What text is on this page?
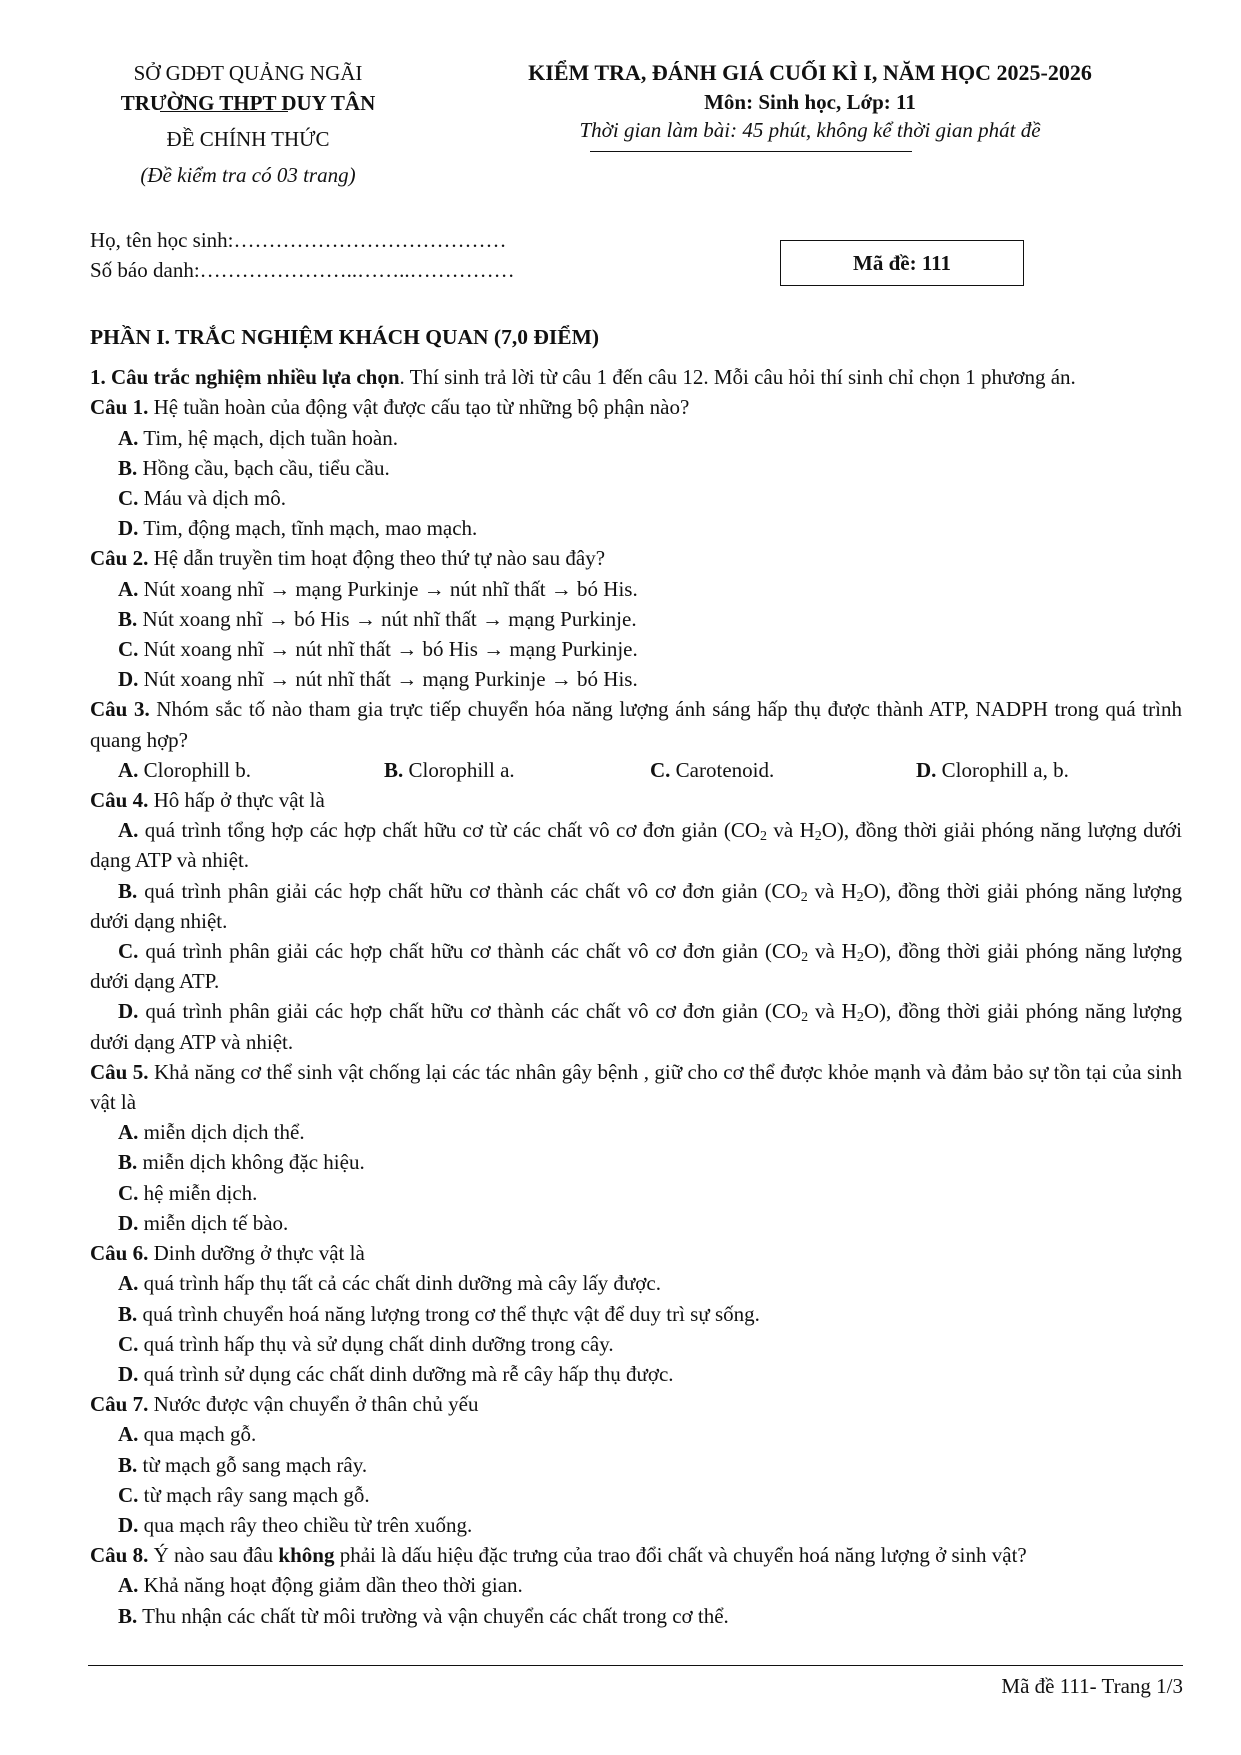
SỞ GDĐT QUẢNG NGÃI
TRƯỜNG THPT DUY TÂN
ĐỀ CHÍNH THỨC
(Đề kiểm tra có 03 trang)
KIỂM TRA, ĐÁNH GIÁ CUỐI KÌ I, NĂM HỌC 2025-2026
Môn: Sinh học, Lớp: 11
Thời gian làm bài: 45 phút, không kể thời gian phát đề
Họ, tên học sinh:…………………………………
Số báo danh:…………………..……..……………	Mã đề: 111
PHẦN I. TRẮC NGHIỆM KHÁCH QUAN (7,0 ĐIỂM)

1. Câu trắc nghiệm nhiều lựa chọn. Thí sinh trả lời từ câu 1 đến câu 12. Mỗi câu hỏi thí sinh chỉ chọn 1 phương án.

Câu 1. Hệ tuần hoàn của động vật được cấu tạo từ những bộ phận nào?

A. Tim, hệ mạch, dịch tuần hoàn.

B. Hồng cầu, bạch cầu, tiểu cầu.

C. Máu và dịch mô.

D. Tim, động mạch, tĩnh mạch, mao mạch.

Câu 2. Hệ dẫn truyền tim hoạt động theo thứ tự nào sau đây?

A. Nút xoang nhĩ → mạng Purkinje → nút nhĩ thất → bó His.

B. Nút xoang nhĩ → bó His → nút nhĩ thất → mạng Purkinje.

C. Nút xoang nhĩ → nút nhĩ thất → bó His → mạng Purkinje.

D. Nút xoang nhĩ → nút nhĩ thất → mạng Purkinje → bó His.

Câu 3. Nhóm sắc tố nào tham gia trực tiếp chuyển hóa năng lượng ánh sáng hấp thụ được thành ATP, NADPH trong quá trình quang hợp?

A. Clorophill b.	B. Clorophill a.	C. Carotenoid.	D. Clorophill a, b.

Câu 4. Hô hấp ở thực vật là

A. quá trình tổng hợp các hợp chất hữu cơ từ các chất vô cơ đơn giản ($CO_2$ và $H_2O$), đồng thời giải phóng năng lượng dưới dạng ATP và nhiệt.

B. quá trình phân giải các hợp chất hữu cơ thành các chất vô cơ đơn giản ($CO_2$ và $H_2O$), đồng thời giải phóng năng lượng dưới dạng nhiệt.

C. quá trình phân giải các hợp chất hữu cơ thành các chất vô cơ đơn giản ($CO_2$ và $H_2O$), đồng thời giải phóng năng lượng dưới dạng ATP.

D. quá trình phân giải các hợp chất hữu cơ thành các chất vô cơ đơn giản ($CO_2$ và $H_2O$), đồng thời giải phóng năng lượng dưới dạng ATP và nhiệt.

Câu 5. Khả năng cơ thể sinh vật chống lại các tác nhân gây bệnh , giữ cho cơ thể được khỏe mạnh và đảm bảo sự tồn tại của sinh vật là

A. miễn dịch dịch thể.
B. miễn dịch không đặc hiệu.
C. hệ miễn dịch.
D. miễn dịch tế bào.

Câu 6. Dinh dưỡng ở thực vật là

A. quá trình hấp thụ tất cả các chất dinh dưỡng mà cây lấy được.

B. quá trình chuyển hoá năng lượng trong cơ thể thực vật để duy trì sự sống.

C. quá trình hấp thụ và sử dụng chất dinh dưỡng trong cây.

D. quá trình sử dụng các chất dinh dưỡng mà rễ cây hấp thụ được.

Câu 7. Nước được vận chuyển ở thân chủ yếu

A. qua mạch gỗ.

B. từ mạch gỗ sang mạch rây.

C. từ mạch rây sang mạch gỗ.

D. qua mạch rây theo chiều từ trên xuống.

Câu 8. Ý nào sau đâu không phải là dấu hiệu đặc trưng của trao đổi chất và chuyển hoá năng lượng ở sinh vật?

A. Khả năng hoạt động giảm dần theo thời gian.

B. Thu nhận các chất từ môi trường và vận chuyển các chất trong cơ thể.

Mã đề 111- Trang 1/3
